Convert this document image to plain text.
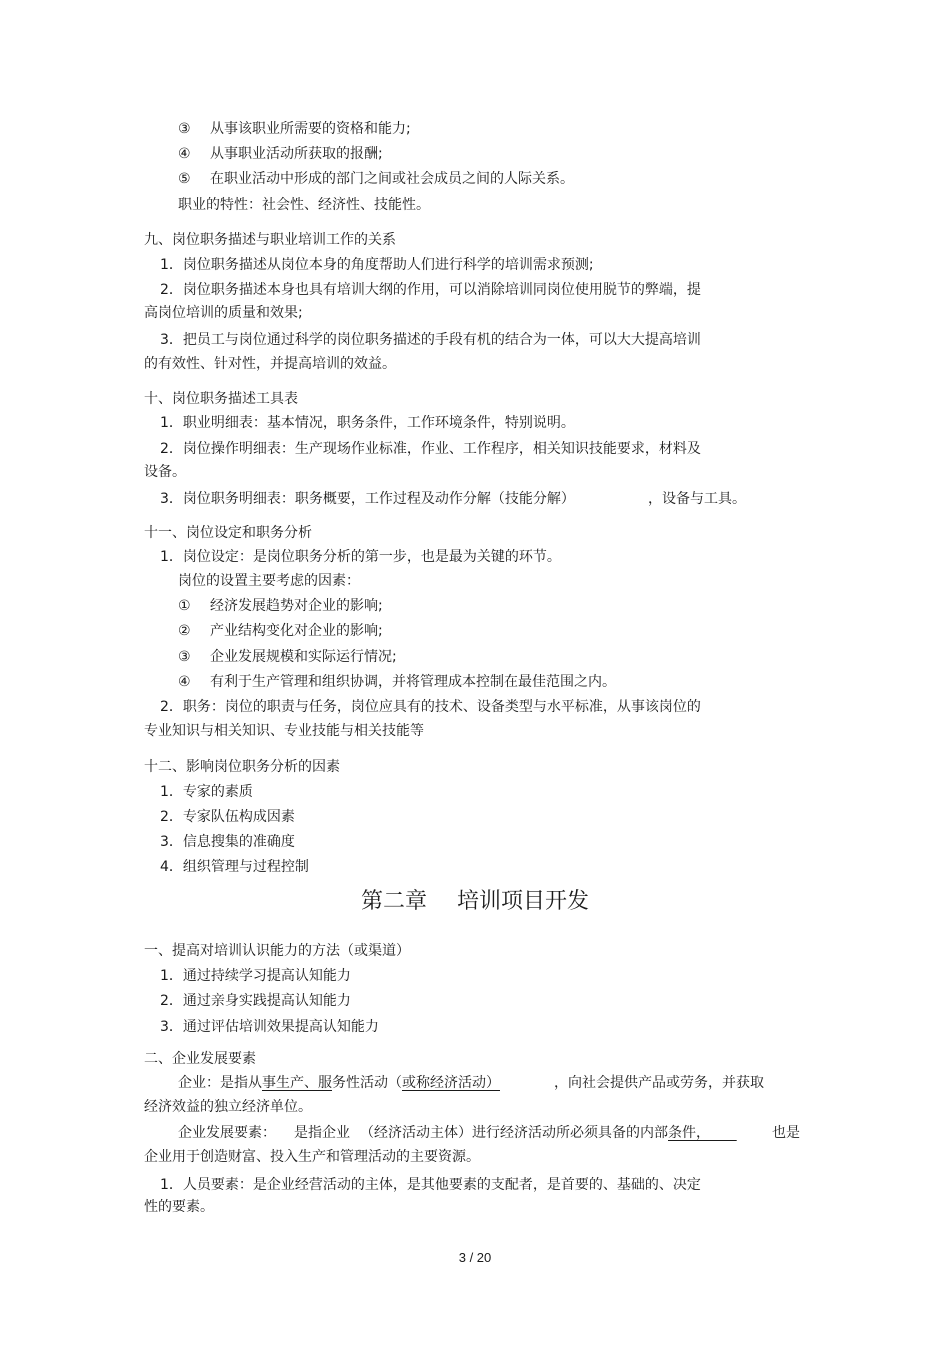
③ 从事该职业所需要的资格和能力;
④ 从事职业活动所获取的报酬;
⑤ 在职业活动中形成的部门之间或社会成员之间的人际关系。
职业的特性：社会性、经济性、技能性。
九、岗位职务描述与职业培训工作的关系
1．岗位职务描述从岗位本身的角度帮助人们进行科学的培训需求预测;
2．岗位职务描述本身也具有培训大纲的作用，可以消除培训同岗位使用脱节的弊端，提
高岗位培训的质量和效果;
3．把员工与岗位通过科学的岗位职务描述的手段有机的结合为一体，可以大大提高培训
的有效性、针对性，并提高培训的效益。
十、岗位职务描述工具表
1．职业明细表：基本情况，职务条件，工作环境条件，特别说明。
2．岗位操作明细表：生产现场作业标准，作业、工作程序，相关知识技能要求，材料及
设备。
3．岗位职务明细表：职务概要，工作过程及动作分解（技能分解）	，设备与工具。
十一、岗位设定和职务分析
1．岗位设定：是岗位职务分析的第一步，也是最为关键的环节。
岗位的设置主要考虑的因素：
① 经济发展趋势对企业的影响;
② 产业结构变化对企业的影响;
③ 企业发展规模和实际运行情况;
④ 有利于生产管理和组织协调，并将管理成本控制在最佳范围之内。
2．职务：岗位的职责与任务，岗位应具有的技术、设备类型与水平标准，从事该岗位的
专业知识与相关知识、专业技能与相关技能等
十二、影响岗位职务分析的因素
1．专家的素质
2．专家队伍构成因素
3．信息搜集的准确度
4．组织管理与过程控制
第二章 培训项目开发
一、提高对培训认识能力的方法（或渠道）
1．通过持续学习提高认知能力
2．通过亲身实践提高认知能力
3．通过评估培训效果提高认知能力
二、企业发展要素
企业：是指从事生产、服务性活动（或称经济活动）	，向社会提供产品或劳务，并获取
经济效益的独立经济单位。
企业发展要素： 是指企业 （经济活动主体）进行经济活动所必须具备的内部条件，	也是
企业用于创造财富、投入生产和管理活动的主要资源。
1．人员要素：是企业经营活动的主体，是其他要素的支配者，是首要的、基础的、决定
性的要素。
3 / 20
